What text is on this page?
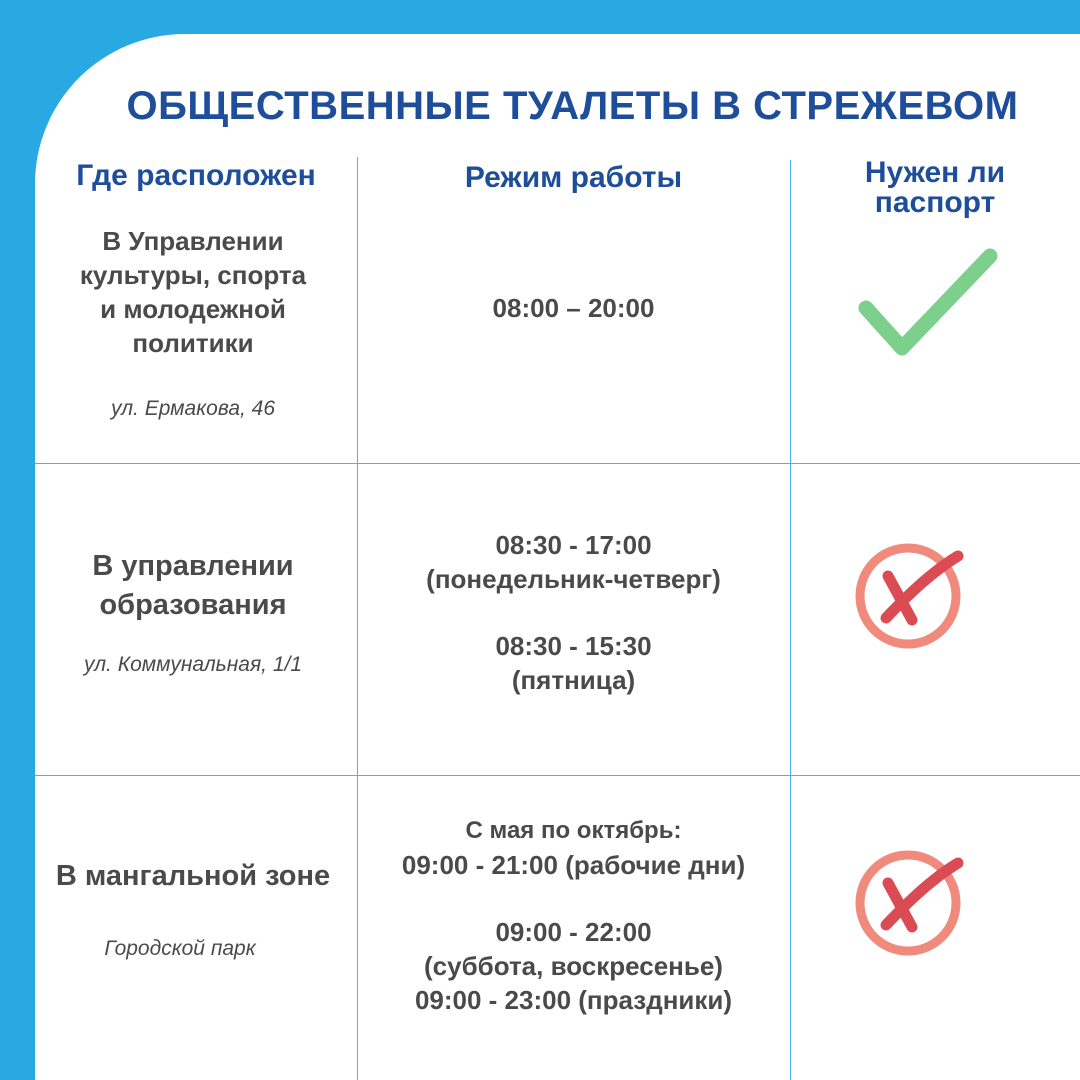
ОБЩЕСТВЕННЫЕ ТУАЛЕТЫ В СТРЕЖЕВОМ
Где расположен	Режим работы	Нужен ли
паспорт
В Управлении
культуры, спорта
и молодежной
политики
ул. Ермакова, 46
08:00 – 20:00
В управлении
образования
ул. Коммунальная, 1/1
08:30 - 17:00
(понедельник-четверг)
08:30 - 15:30
(пятница)
В мангальной зоне
Городской парк
С мая по октябрь:
09:00 - 21:00 (рабочие дни)
09:00 - 22:00
(суббота, воскресенье)
09:00 - 23:00 (праздники)
